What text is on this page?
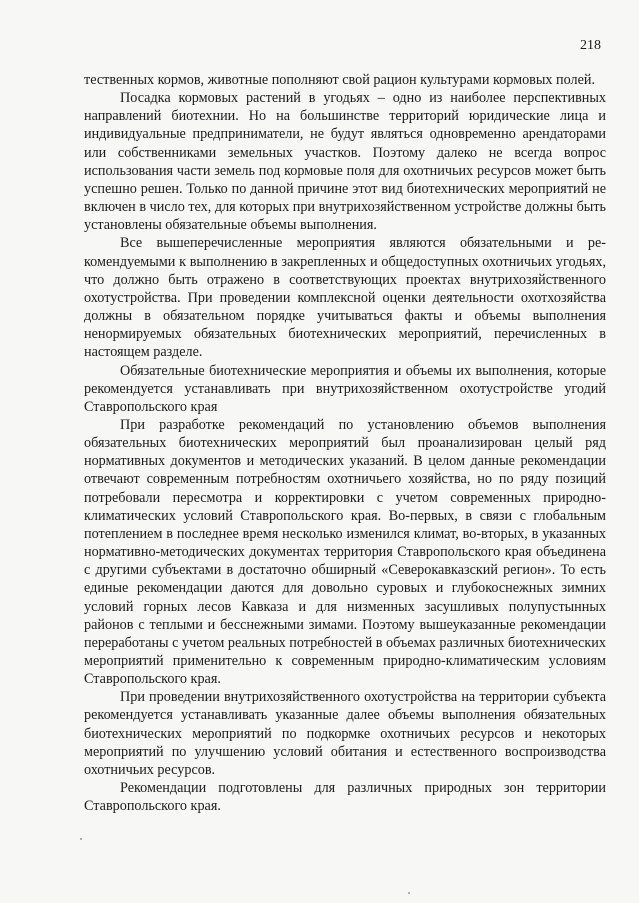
218

тественных кормов, животные пополняют свой рацион культурами кормовых полей.

Посадка кормовых растений в угодьях – одно из наиболее перспективных направлений биотехнии. Но на большинстве территорий юридические лица и индивидуальные предприниматели, не будут являться одновременно арендаторами или собственниками земельных участков. Поэтому далеко не всегда вопрос использования части земель под кормовые поля для охотничьих ресурсов может быть успешно решен. Только по данной причине этот вид биотехнических мероприятий не включен в число тех, для которых при внутрихозяйственном устройстве должны быть установлены обязательные объемы выполнения.

Все вышеперечисленные мероприятия являются обязательными и рекомендуемыми к выполнению в закрепленных и общедоступных охотничьих угодьях, что должно быть отражено в соответствующих проектах внутрихозяйственного охотустройства. При проведении комплексной оценки деятельности охотхозяйства должны в обязательном порядке учитываться факты и объемы выполнения ненормируемых обязательных биотехнических мероприятий, перечисленных в настоящем разделе.

Обязательные биотехнические мероприятия и объемы их выполнения, которые рекомендуется устанавливать при внутрихозяйственном охотустройстве угодий Ставропольского края

При разработке рекомендаций по установлению объемов выполнения обязательных биотехнических мероприятий был проанализирован целый ряд нормативных документов и методических указаний. В целом данные рекомендации отвечают современным потребностям охотничьего хозяйства, но по ряду позиций потребовали пересмотра и корректировки с учетом современных природно-климатических условий Ставропольского края. Во-первых, в связи с глобальным потеплением в последнее время несколько изменился климат, во-вторых, в указанных нормативно-методических документах территория Ставропольского края объединена с другими субъектами в достаточно обширный «Северокавказский регион». То есть единые рекомендации даются для довольно суровых и глубокоснежных зимних условий горных лесов Кавказа и для низменных засушливых полупустынных районов с теплыми и бесснежными зимами. Поэтому вышеуказанные рекомендации переработаны с учетом реальных потребностей в объемах различных биотехнических мероприятий применительно к современным природно-климатическим условиям Ставропольского края.

При проведении внутрихозяйственного охотустройства на территории субъекта рекомендуется устанавливать указанные далее объемы выполнения обязательных биотехнических мероприятий по подкормке охотничьих ресурсов и некоторых мероприятий по улучшению условий обитания и естественного воспроизводства охотничьих ресурсов.

Рекомендации подготовлены для различных природных зон территории Ставропольского края.
